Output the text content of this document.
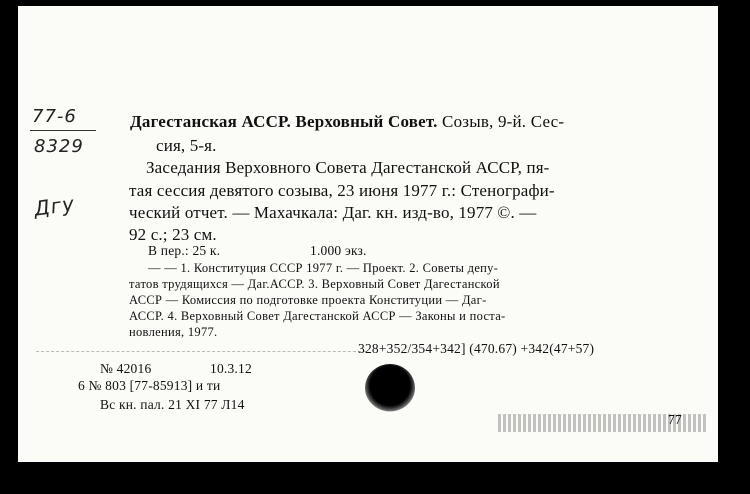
77-6
8329
Дгу
Дагестанская АССР. Верховный Совет. Созыв, 9-й. Сес-
сия, 5-я.
Заседания Верховного Совета Дагестанской АССР, пя-
тая сессия девятого созыва, 23 июня 1977 г.: Стенографи-
ческий отчет. — Махачкала: Даг. кн. изд-во, 1977 ©. —
92 с.; 23 см.
В пер.: 25 к.	1.000 экз.
— — 1. Конституция СССР 1977 г. — Проект. 2. Советы депу-
татов трудящихся — Даг.АССР. 3. Верховный Совет Дагестанской
АССР — Комиссия по подготовке проекта Конституции — Даг-
АССР. 4. Верховный Совет Дагестанской АССР — Законы и поста-
новления, 1977.
328+352/354+342] (470.67) +342(47+57)
№ 42016	10.3.12
6 № 803 [77-85913] и ти
Вс кн. пал. 21 XI 77 Л14
77
